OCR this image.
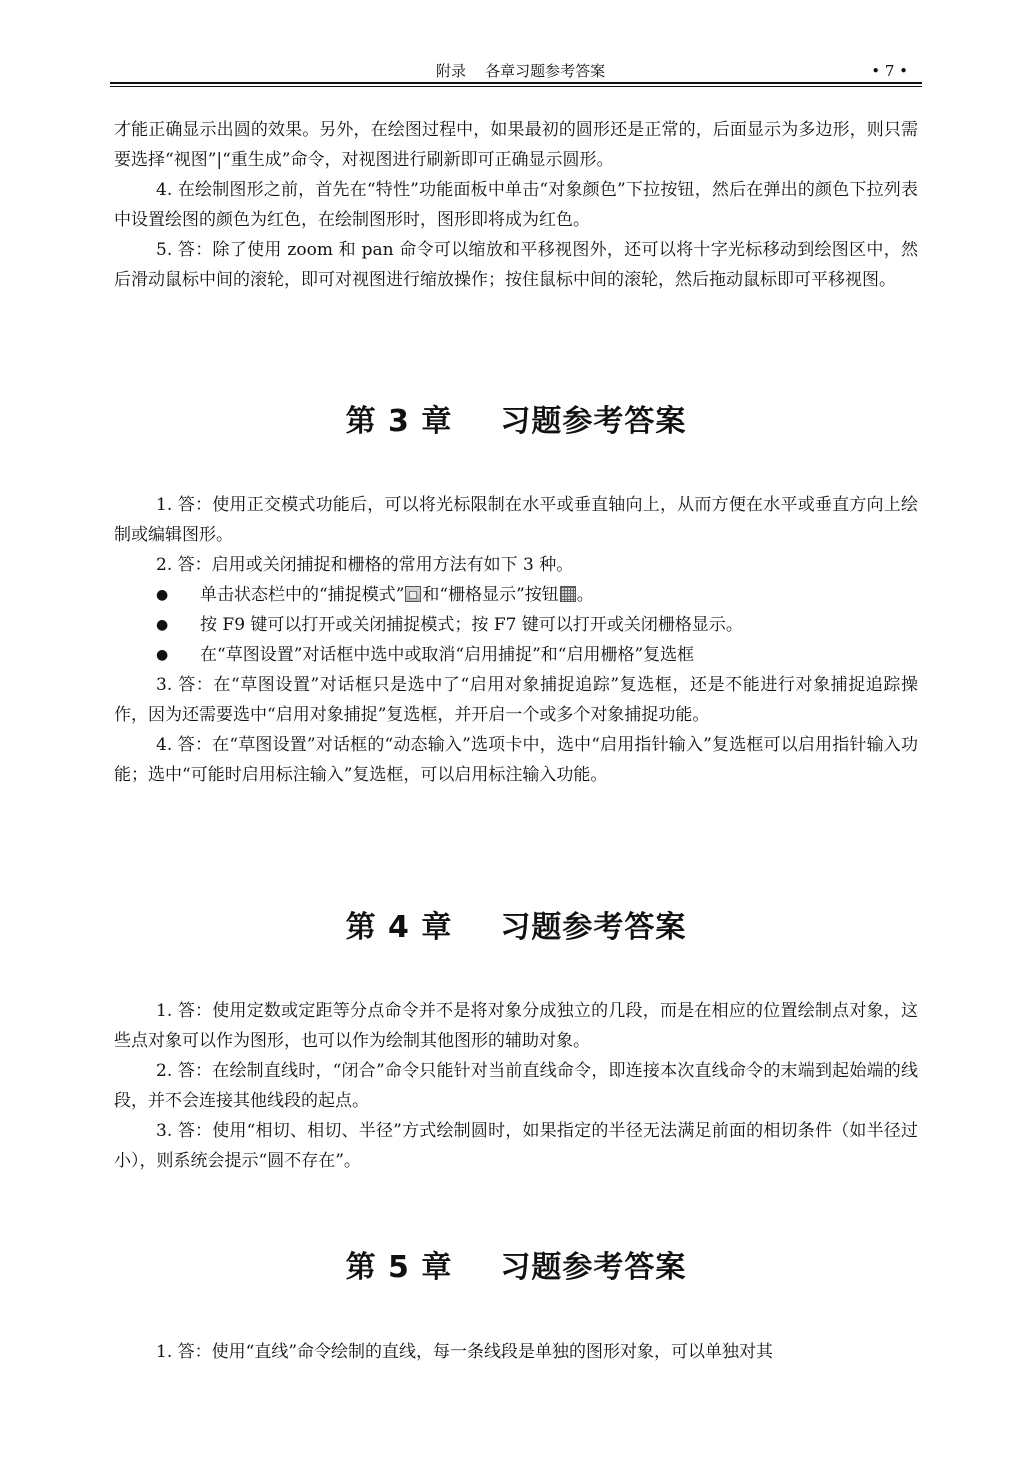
附录    各章习题参考答案	• 7 •

才能正确显示出圆的效果。另外，在绘图过程中，如果最初的圆形还是正常的，后面显示为多边形，则只需要选择“视图”|“重生成”命令，对视图进行刷新即可正确显示圆形。

4. 在绘制图形之前，首先在“特性”功能面板中单击“对象颜色”下拉按钮，然后在弹出的颜色下拉列表中设置绘图的颜色为红色，在绘制图形时，图形即将成为红色。

5. 答：除了使用 zoom 和 pan 命令可以缩放和平移视图外，还可以将十字光标移动到绘图区中，然后滑动鼠标中间的滚轮，即可对视图进行缩放操作；按住鼠标中间的滚轮，然后拖动鼠标即可平移视图。

第 3 章 习题参考答案

1. 答：使用正交模式功能后，可以将光标限制在水平或垂直轴向上，从而方便在水平或垂直方向上绘制或编辑图形。

2. 答：启用或关闭捕捉和栅格的常用方法有如下 3 种。

● 单击状态栏中的“捕捉模式” 和“栅格显示”按钮 。

● 按 F9 键可以打开或关闭捕捉模式；按 F7 键可以打开或关闭栅格显示。

● 在“草图设置”对话框中选中或取消“启用捕捉”和“启用栅格”复选框

3. 答：在“草图设置”对话框只是选中了“启用对象捕捉追踪”复选框，还是不能进行对象捕捉追踪操作，因为还需要选中“启用对象捕捉”复选框，并开启一个或多个对象捕捉功能。

4. 答：在“草图设置”对话框的“动态输入”选项卡中，选中“启用指针输入”复选框可以启用指针输入功能；选中“可能时启用标注输入”复选框，可以启用标注输入功能。

第 4 章 习题参考答案

1. 答：使用定数或定距等分点命令并不是将对象分成独立的几段，而是在相应的位置绘制点对象，这些点对象可以作为图形，也可以作为绘制其他图形的辅助对象。

2. 答：在绘制直线时，“闭合”命令只能针对当前直线命令，即连接本次直线命令的末端到起始端的线段，并不会连接其他线段的起点。

3. 答：使用“相切、相切、半径”方式绘制圆时，如果指定的半径无法满足前面的相切条件（如半径过小），则系统会提示“圆不存在”。

第 5 章 习题参考答案

1. 答：使用“直线”命令绘制的直线，每一条线段是单独的图形对象，可以单独对其
